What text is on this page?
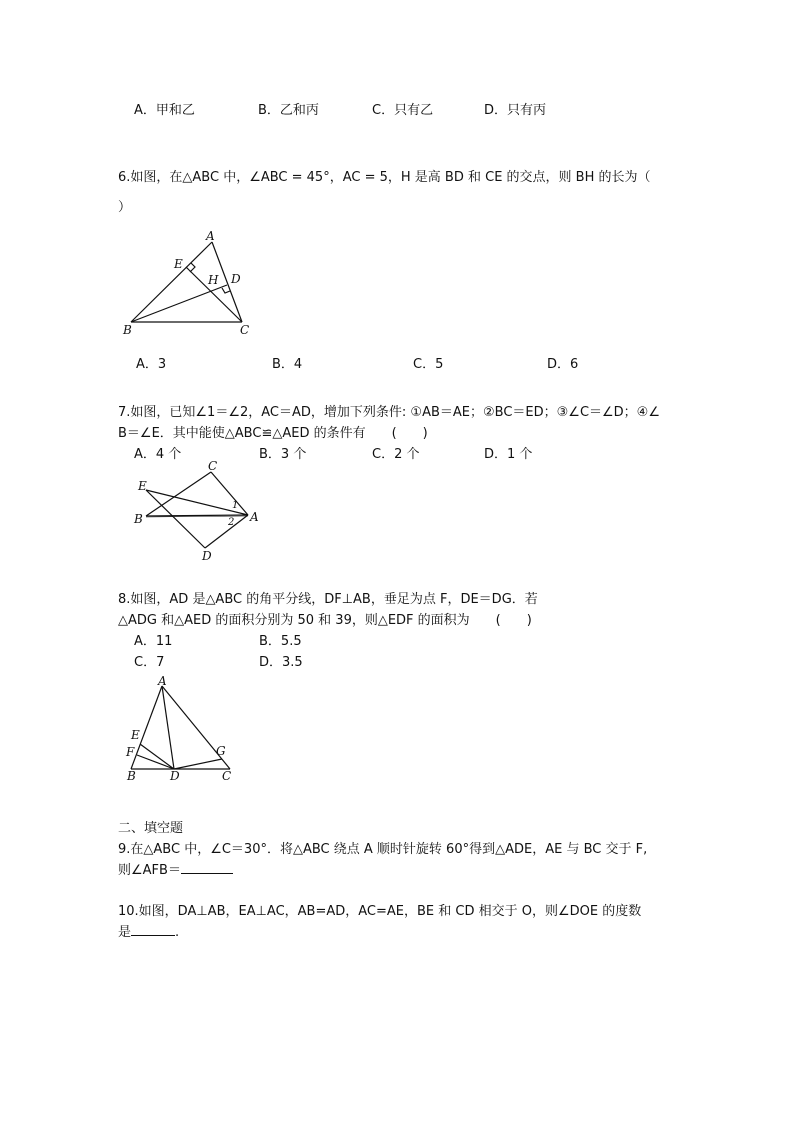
A．甲和乙	B．乙和丙	C．只有乙	D．只有丙
6.如图，在△ABC 中，∠ABC = 45°，AC = 5，H 是高 BD 和 CE 的交点，则 BH 的长为（
）
A
E
H D
B	C
A．3	B．4	C．5	D．6
7.如图，已知∠1＝∠2，AC＝AD，增加下列条件: ①AB＝AE；②BC＝ED；③∠C＝∠D；④∠
B＝∠E．其中能使△ABC≌△AED 的条件有　　(　　)
A．4 个	B．3 个	C．2 个	D．1 个
C
E
1
B	2 A
D
8.如图，AD 是△ABC 的角平分线，DF⊥AB，垂足为点 F，DE＝DG．若
△ADG 和△AED 的面积分别为 50 和 39，则△EDF 的面积为　　(　　)
A．11	B．5.5
C．7	D．3.5
A
E
F	G
B	D	C
二、填空题
9.在△ABC 中，∠C＝30°．将△ABC 绕点 A 顺时针旋转 60°得到△ADE，AE 与 BC 交于 F,
则∠AFB＝
10.如图，DA⊥AB，EA⊥AC，AB=AD，AC=AE，BE 和 CD 相交于 O，则∠DOE 的度数
是	.
